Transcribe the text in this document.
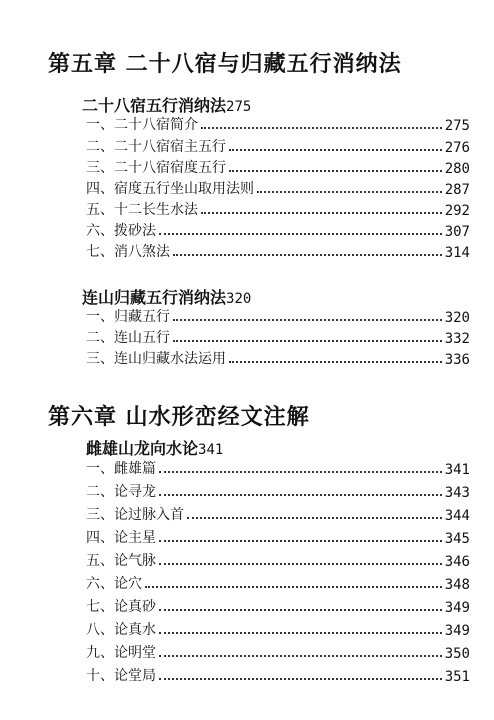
第五章 二十八宿与归藏五行消纳法
二十八宿五行消纳法275
一、二十八宿简介	275
二、二十八宿宿主五行	276
三、二十八宿宿度五行	280
四、宿度五行坐山取用法则	287
五、十二长生水法	292
六、拨砂法	307
七、消八煞法	314
连山归藏五行消纳法320
一、归藏五行	320
二、连山五行	332
三、连山归藏水法运用	336
第六章 山水形峦经文注解
雌雄山龙向水论341
一、雌雄篇	341
二、论寻龙	343
三、论过脉入首	344
四、论主星	345
五、论气脉	346
六、论穴	348
七、论真砂	349
八、论真水	349
九、论明堂	350
十、论堂局	351
